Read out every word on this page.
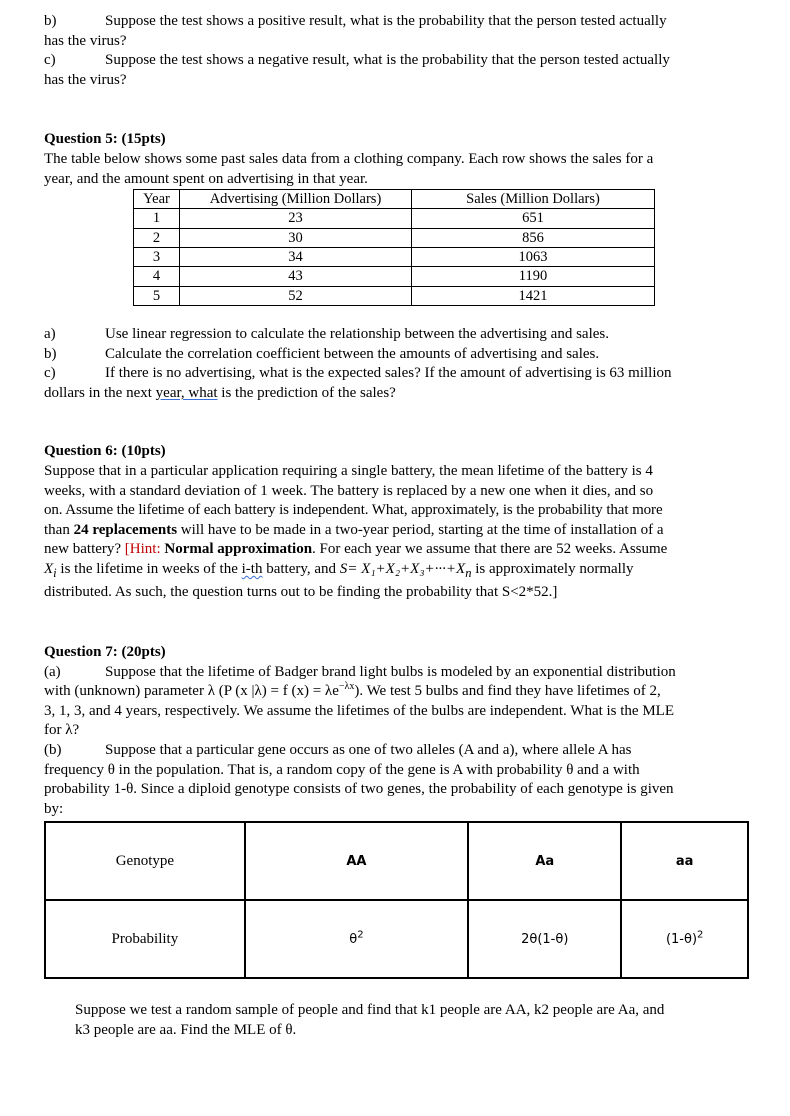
b)	Suppose the test shows a positive result, what is the probability that the person tested actually
has the virus?
c)	Suppose the test shows a negative result, what is the probability that the person tested actually
has the virus?
Question 5: (15pts)
The table below shows some past sales data from a clothing company. Each row shows the sales for a
year, and the amount spent on advertising in that year.
Year	Advertising (Million Dollars)	Sales (Million Dollars)
1	23	651
2	30	856
3	34	1063
4	43	1190
5	52	1421
a)	Use linear regression to calculate the relationship between the advertising and sales.
b)	Calculate the correlation coefficient between the amounts of advertising and sales.
c)	If there is no advertising, what is the expected sales? If the amount of advertising is 63 million
dollars in the next year, what is the prediction of the sales?
Question 6: (10pts)
Suppose that in a particular application requiring a single battery, the mean lifetime of the battery is 4
weeks, with a standard deviation of 1 week. The battery is replaced by a new one when it dies, and so
on. Assume the lifetime of each battery is independent. What, approximately, is the probability that more
than 24 replacements will have to be made in a two-year period, starting at the time of installation of a
new battery? [Hint: Normal approximation. For each year we assume that there are 52 weeks. Assume
$X_i$ is the lifetime in weeks of the i-th battery, and $S= X_1+X_2+X_3+\cdot\cdot\cdot+X_n$ is approximately normally
distributed. As such, the question turns out to be finding the probability that S<2*52.]
Question 7: (20pts)
(a)	Suppose that the lifetime of Badger brand light bulbs is modeled by an exponential distribution
with (unknown) parameter λ (P (x |λ) = f $(x) = \lambda e^{-\lambda x}$). We test 5 bulbs and find they have lifetimes of 2,
3, 1, 3, and 4 years, respectively. We assume the lifetimes of the bulbs are independent. What is the MLE
for λ?
(b)	Suppose that a particular gene occurs as one of two alleles (A and a), where allele A has
frequency θ in the population. That is, a random copy of the gene is A with probability θ and a with
probability 1-θ. Since a diploid genotype consists of two genes, the probability of each genotype is given
by:
Genotype	AA	Aa	aa
Probability	$\theta^2$	2θ(1-θ)	$(1-\theta)^2$
Suppose we test a random sample of people and find that k1 people are AA, k2 people are Aa, and
k3 people are aa. Find the MLE of θ.
